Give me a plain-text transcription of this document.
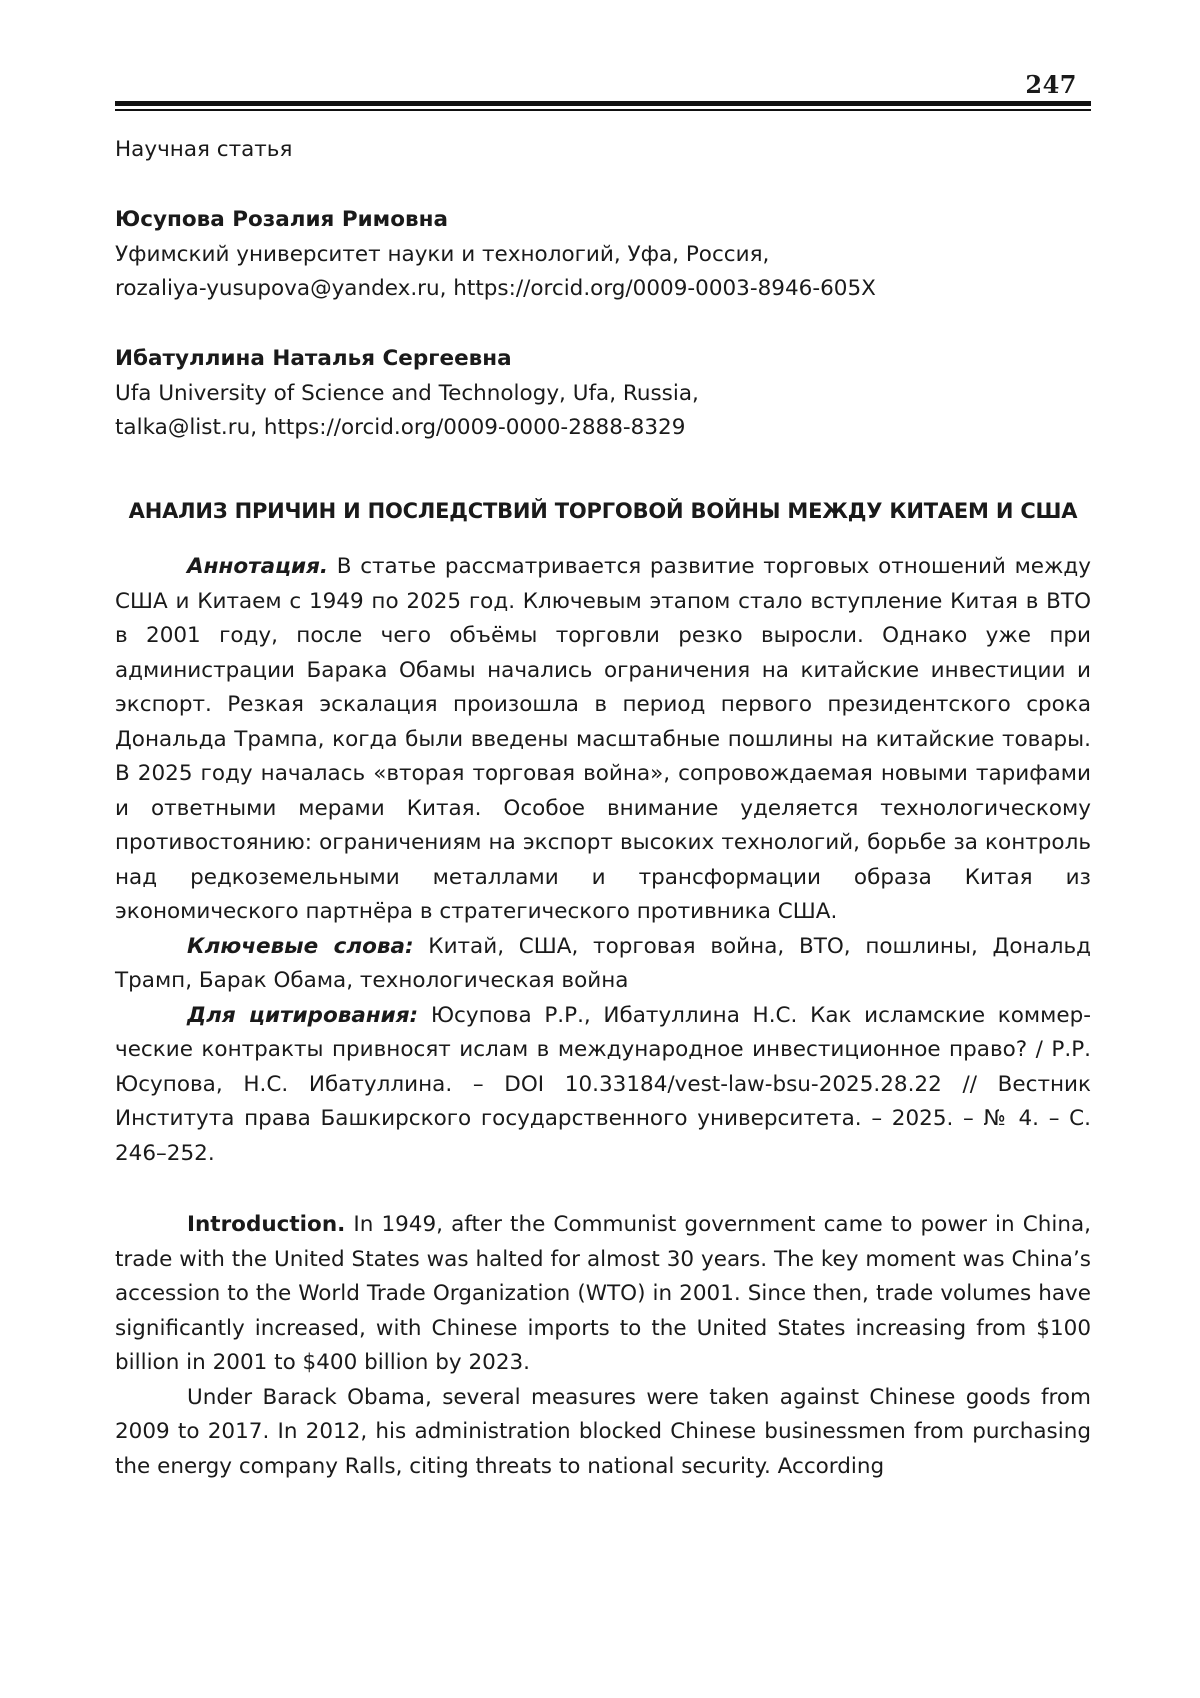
247

Научная статья

Юсупова Розалия Римовна
Уфимский университет науки и технологий, Уфа, Россия,
rozaliya-yusupova@yandex.ru, https://orcid.org/0009-0003-8946-605X
Ибатуллина Наталья Сергеевна
Ufa University of Science and Technology, Ufa, Russia,
talka@list.ru, https://orcid.org/0009-0000-2888-8329
АНАЛИЗ ПРИЧИН И ПОСЛЕДСТВИЙ ТОРГОВОЙ ВОЙНЫ МЕЖДУ КИТАЕМ И США

Аннотация. В статье рассматривается развитие торговых отношений между США и Китаем с 1949 по 2025 год. Ключевым этапом стало вступление Китая в ВТО в 2001 году, после чего объёмы торговли резко выросли. Однако уже при администрации Барака Обамы начались ограничения на китайские инвестиции и экспорт. Резкая эскалация произошла в период первого президентского срока Дональда Трампа, когда были введены масштабные пошлины на китайские товары. В 2025 году началась «вторая торговая война», сопровождаемая новыми тарифами и ответными мерами Китая. Особое внимание уделяется технологическому противостоянию: ограничениям на экспорт высоких технологий, борьбе за контроль над редкоземельными металлами и трансформации образа Китая из экономического партнёра в стратегического противника США.

Ключевые слова: Китай, США, торговая война, ВТО, пошлины, Дональд Трамп, Барак Обама, технологическая война

Для цитирования: Юсупова Р.Р., Ибатуллина Н.С. Как исламские коммерческие контракты привносят ислам в международное инвестиционное право? / Р.Р. Юсупова, Н.С. Ибатуллина. – DOI 10.33184/vest-law-bsu-2025.28.22 // Вестник Института права Башкирского государственного университета. – 2025. – № 4. – С. 246–252.

Introduction. In 1949, after the Communist government came to power in China, trade with the United States was halted for almost 30 years. The key moment was China’s accession to the World Trade Organization (WTO) in 2001. Since then, trade volumes have significantly increased, with Chinese imports to the United States increasing from $100 billion in 2001 to $400 billion by 2023.

Under Barack Obama, several measures were taken against Chinese goods from 2009 to 2017. In 2012, his administration blocked Chinese businessmen from purchasing the energy company Ralls, citing threats to national security. According
